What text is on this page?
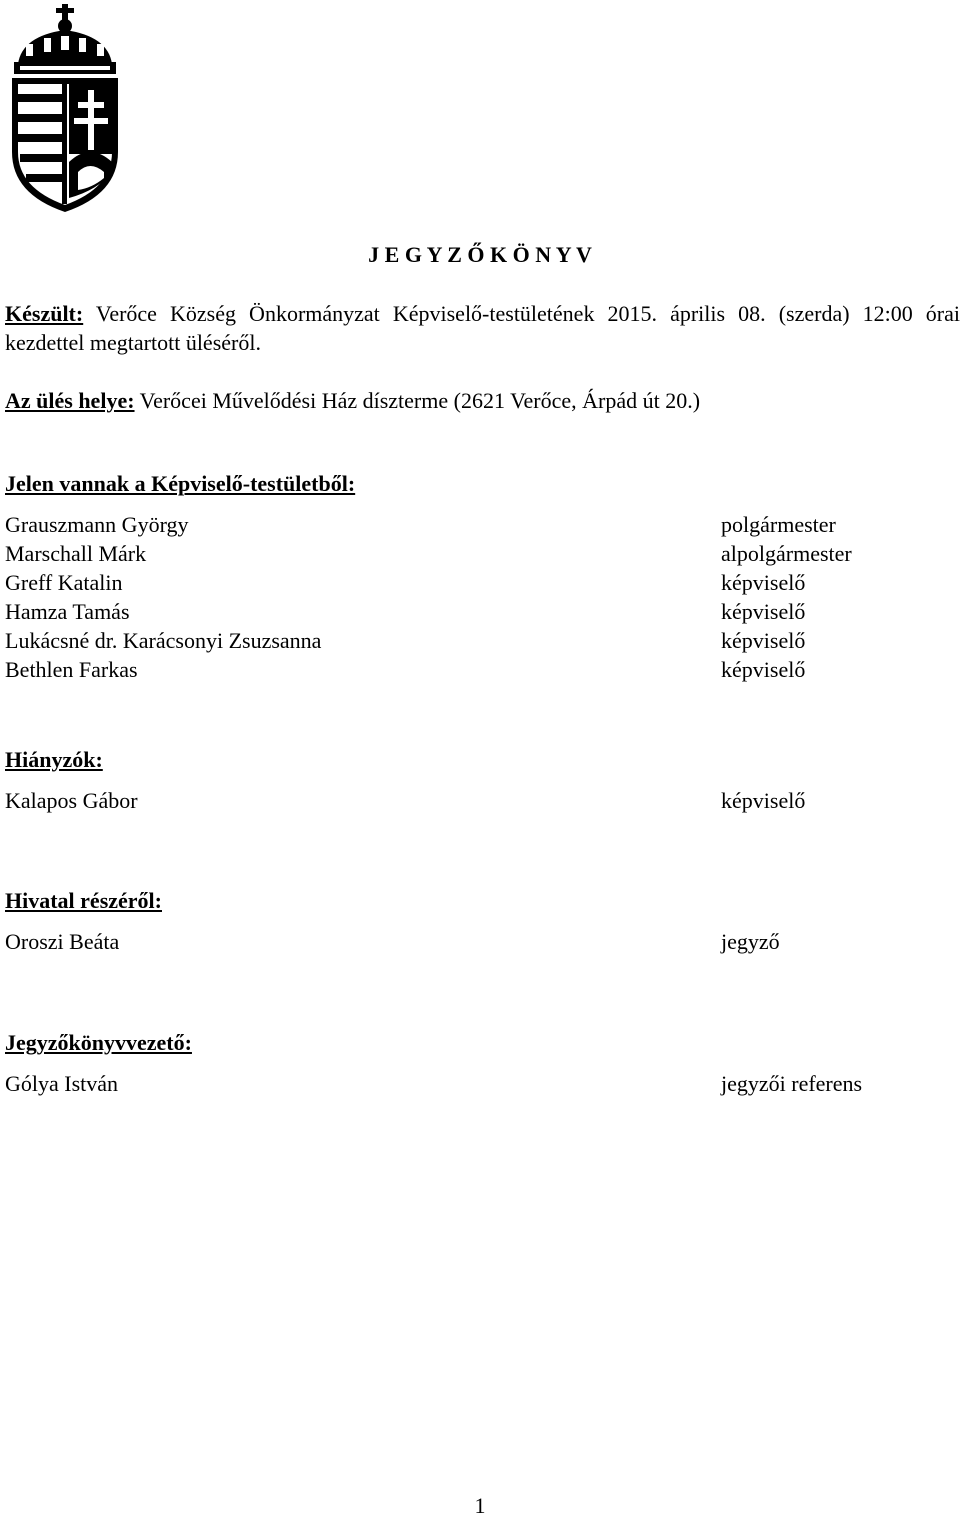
J E G Y Z Ő K Ö N Y V
Készült: Verőce Község Önkormányzat Képviselő-testületének 2015. április 08. (szerda) 12:00 órai kezdettel megtartott üléséről.
Az ülés helye: Verőcei Művelődési Ház díszterme (2621 Verőce, Árpád út 20.)
Jelen vannak a Képviselő-testületből:
Grauszmann György	polgármester
Marschall Márk	alpolgármester
Greff Katalin	képviselő
Hamza Tamás	képviselő
Lukácsné dr. Karácsonyi Zsuzsanna	képviselő
Bethlen Farkas	képviselő
Hiányzók:
Kalapos Gábor	képviselő
Hivatal részéről:
Oroszi Beáta	jegyző
Jegyzőkönyvvezető:
Gólya István	jegyzői referens
1
